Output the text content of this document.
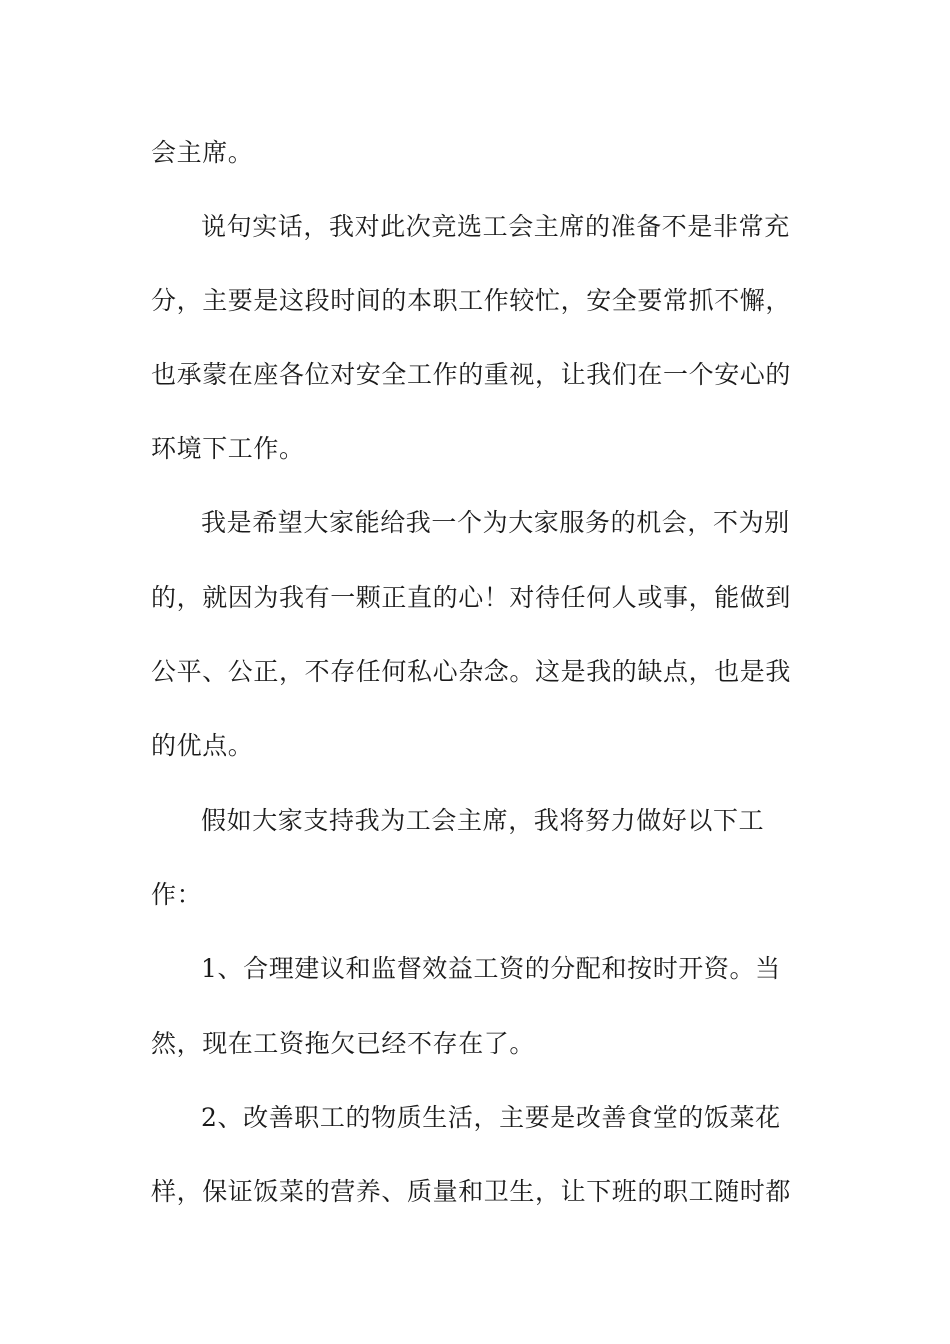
会主席。
说句实话，我对此次竞选工会主席的准备不是非常充
分，主要是这段时间的本职工作较忙，安全要常抓不懈，
也承蒙在座各位对安全工作的重视，让我们在一个安心的
环境下工作。
我是希望大家能给我一个为大家服务的机会，不为别
的，就因为我有一颗正直的心！对待任何人或事，能做到
公平、公正，不存任何私心杂念。这是我的缺点，也是我
的优点。
假如大家支持我为工会主席，我将努力做好以下工
作：
1、合理建议和监督效益工资的分配和按时开资。当
然，现在工资拖欠已经不存在了。
2、改善职工的物质生活，主要是改善食堂的饭菜花
样，保证饭菜的营养、质量和卫生，让下班的职工随时都
